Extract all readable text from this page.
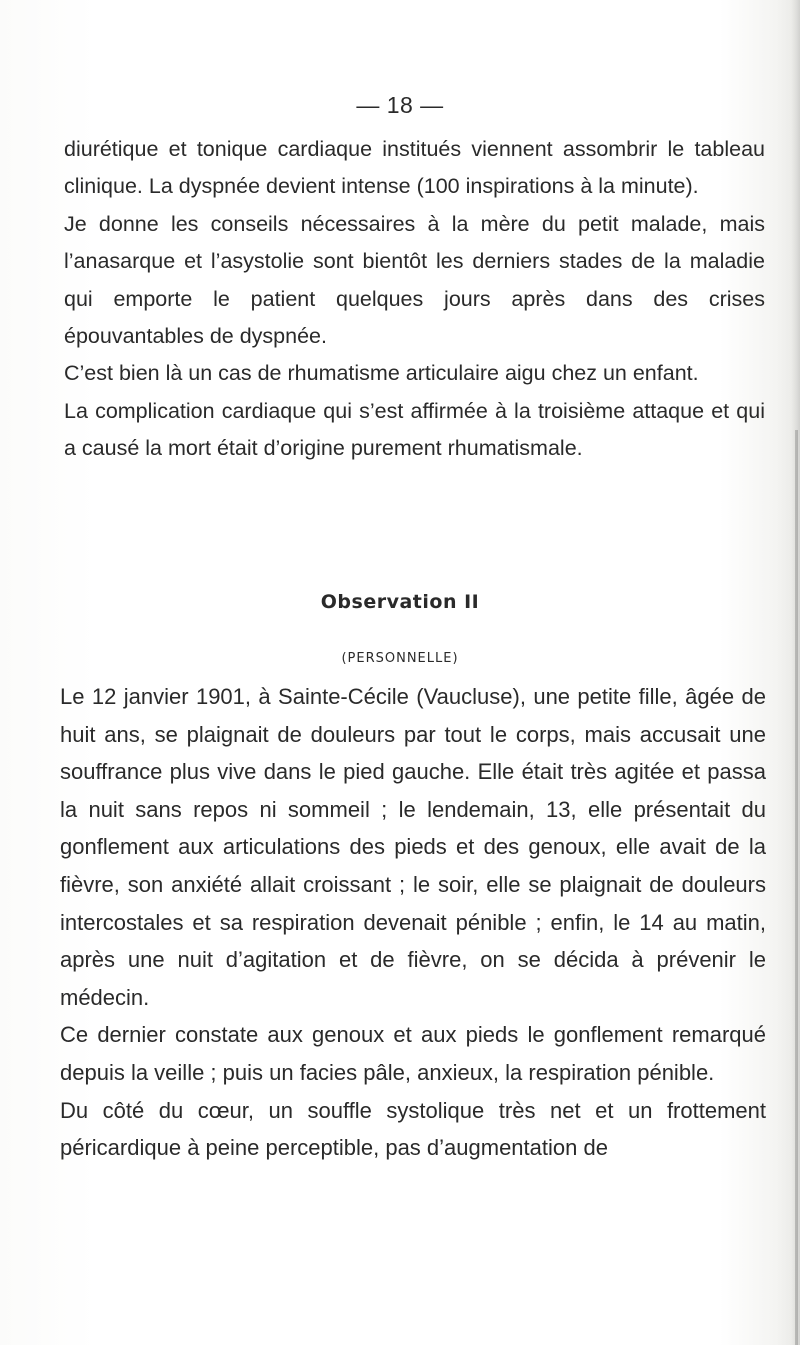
— 18 —

diurétique et tonique cardiaque institués viennent assombrir le tableau clinique. La dyspnée devient intense (100 inspirations à la minute).

Je donne les conseils nécessaires à la mère du petit malade, mais l’anasarque et l’asystolie sont bientôt les derniers stades de la maladie qui emporte le patient quelques jours après dans des crises épouvantables de dyspnée.

C’est bien là un cas de rhumatisme articulaire aigu chez un enfant.

La complication cardiaque qui s’est affirmée à la troisième attaque et qui a causé la mort était d’origine purement rhumatismale.

Observation II
(PERSONNELLE)

Le 12 janvier 1901, à Sainte-Cécile (Vaucluse), une petite fille, âgée de huit ans, se plaignait de douleurs par tout le corps, mais accusait une souffrance plus vive dans le pied gauche. Elle était très agitée et passa la nuit sans repos ni sommeil ; le lendemain, 13, elle présentait du gonflement aux articulations des pieds et des genoux, elle avait de la fièvre, son anxiété allait croissant ; le soir, elle se plaignait de douleurs intercostales et sa respiration devenait pénible ; enfin, le 14 au matin, après une nuit d’agitation et de fièvre, on se décida à prévenir le médecin.

Ce dernier constate aux genoux et aux pieds le gonflement remarqué depuis la veille ; puis un facies pâle, anxieux, la respiration pénible.

Du côté du cœur, un souffle systolique très net et un frottement péricardique à peine perceptible, pas d’augmentation de
